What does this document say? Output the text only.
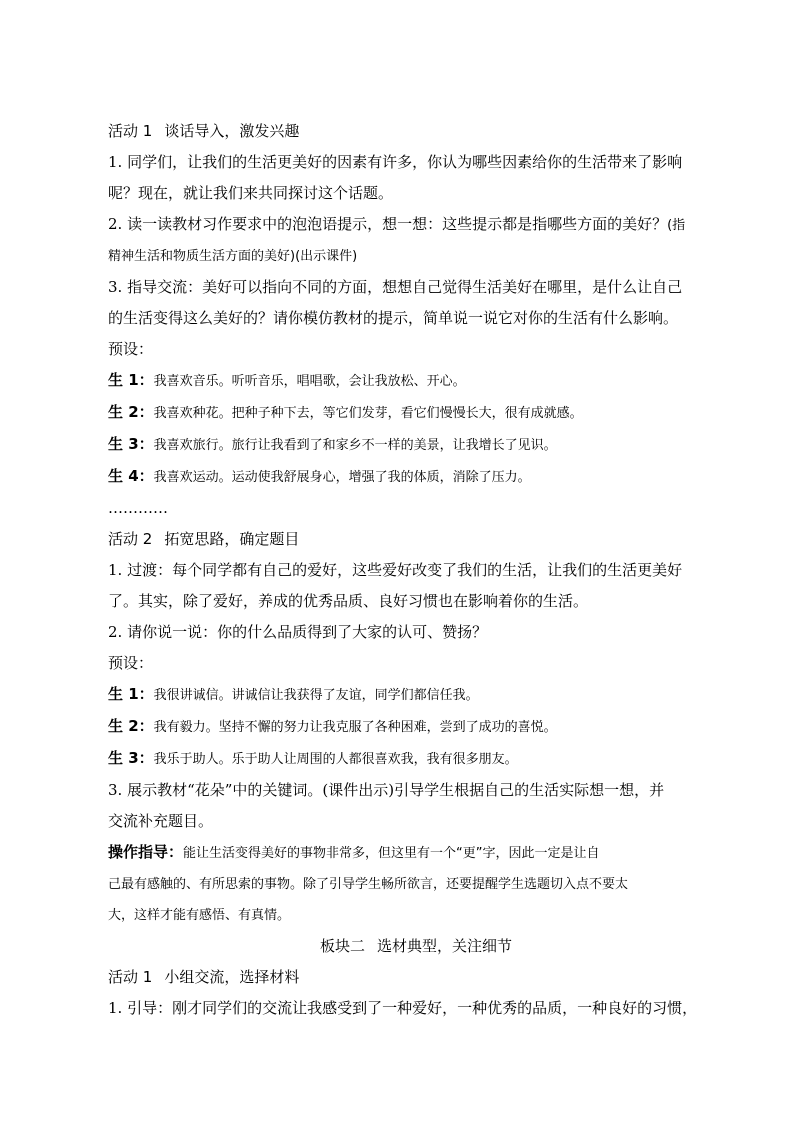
活动 1 谈话导入，激发兴趣
1. 同学们，让我们的生活更美好的因素有许多，你认为哪些因素给你的生活带来了影响
呢？现在，就让我们来共同探讨这个话题。
2. 读一读教材习作要求中的泡泡语提示，想一想：这些提示都是指哪些方面的美好？(指
精神生活和物质生活方面的美好)(出示课件)
3. 指导交流：美好可以指向不同的方面，想想自己觉得生活美好在哪里，是什么让自己
的生活变得这么美好的？请你模仿教材的提示，简单说一说它对你的生活有什么影响。
预设：
生 1：我喜欢音乐。听听音乐，唱唱歌，会让我放松、开心。
生 2：我喜欢种花。把种子种下去，等它们发芽，看它们慢慢长大，很有成就感。
生 3：我喜欢旅行。旅行让我看到了和家乡不一样的美景，让我增长了见识。
生 4：我喜欢运动。运动使我舒展身心，增强了我的体质，消除了压力。
…………
活动 2 拓宽思路，确定题目
1. 过渡：每个同学都有自己的爱好，这些爱好改变了我们的生活，让我们的生活更美好
了。其实，除了爱好，养成的优秀品质、良好习惯也在影响着你的生活。
2. 请你说一说：你的什么品质得到了大家的认可、赞扬？
预设：
生 1：我很讲诚信。讲诚信让我获得了友谊，同学们都信任我。
生 2：我有毅力。坚持不懈的努力让我克服了各种困难，尝到了成功的喜悦。
生 3：我乐于助人。乐于助人让周围的人都很喜欢我，我有很多朋友。
3. 展示教材“花朵”中的关键词。(课件出示)引导学生根据自己的生活实际想一想，并
交流补充题目。
操作指导：能让生活变得美好的事物非常多，但这里有一个“更”字，因此一定是让自
己最有感触的、有所思索的事物。除了引导学生畅所欲言，还要提醒学生选题切入点不要太
大，这样才能有感悟、有真情。
板块二 选材典型，关注细节
活动 1 小组交流，选择材料
1. 引导：刚才同学们的交流让我感受到了一种爱好，一种优秀的品质，一种良好的习惯，
